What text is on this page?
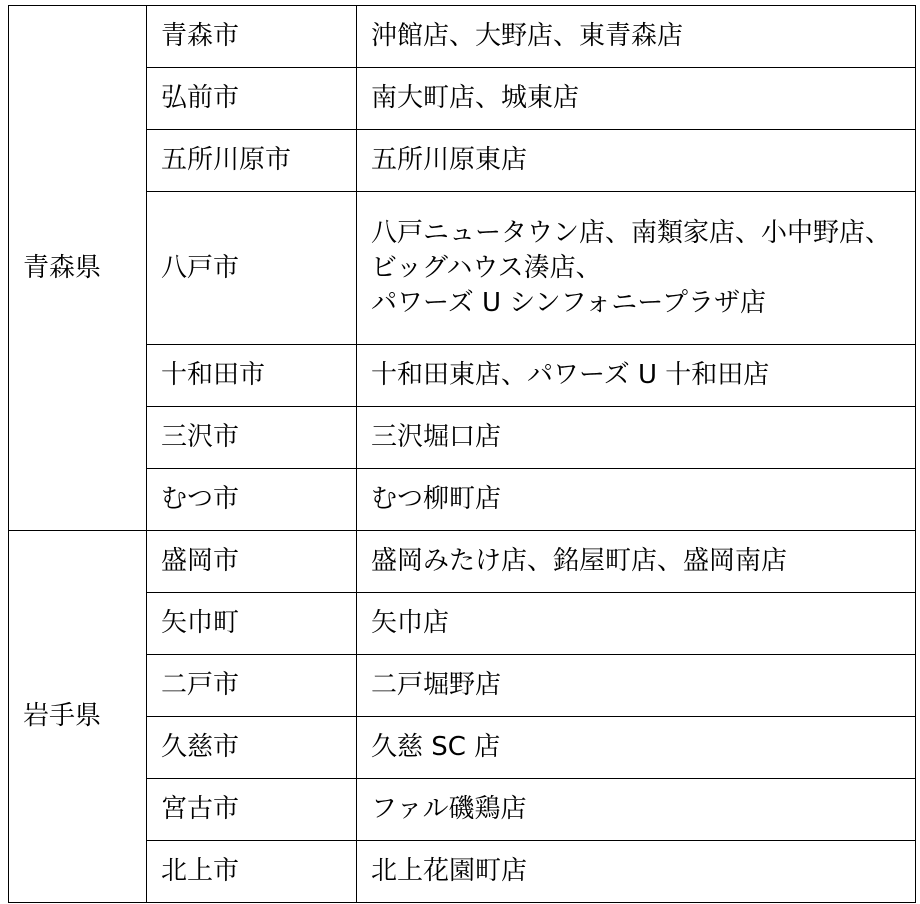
青森県	青森市	沖館店、大野店、東青森店

	弘前市	南大町店、城東店

	五所川原市	五所川原東店

	八戸市	八戸ニュータウン店、南類家店、小中野店、
ビッグハウス湊店、
パワーズ U シンフォニープラザ店

	十和田市	十和田東店、パワーズ U 十和田店

	三沢市	三沢堀口店

	むつ市	むつ柳町店

岩手県	盛岡市	盛岡みたけ店、銘屋町店、盛岡南店

	矢巾町	矢巾店

	二戸市	二戸堀野店

	久慈市	久慈 SC 店

	宮古市	ファル磯鶏店

	北上市	北上花園町店
